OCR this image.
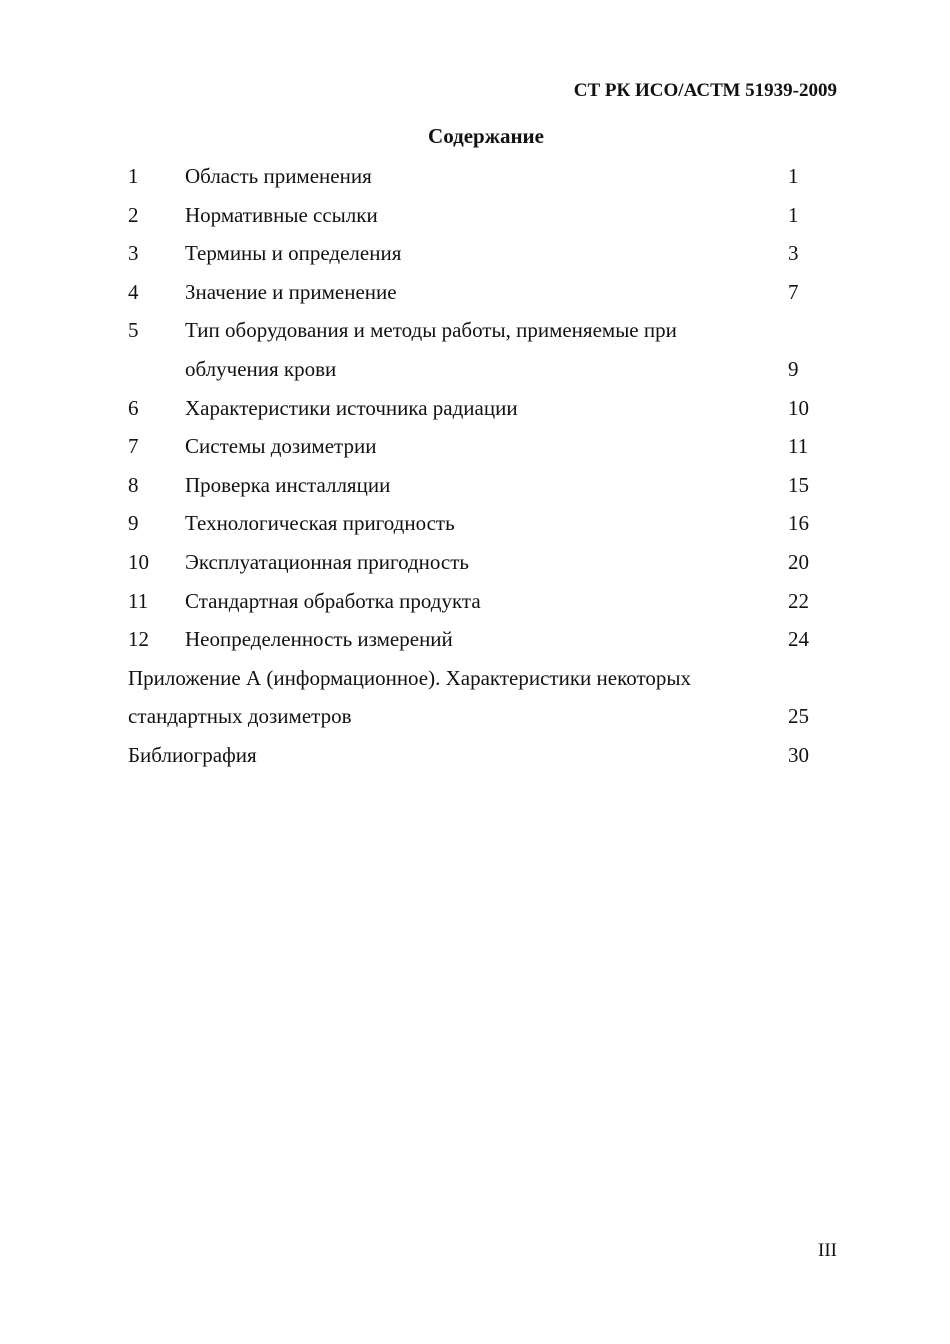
СТ РК ИСО/АСТМ 51939-2009
Содержание
1 Область применения	1
2 Нормативные ссылки	1
3 Термины и определения	3
4 Значение и применение	7
5 Тип оборудования и методы работы, применяемые при
облучения крови	9
6 Характеристики источника радиации	10
7 Системы дозиметрии	11
8 Проверка инсталляции	15
9 Технологическая пригодность	16
10 Эксплуатационная пригодность	20
11 Стандартная обработка продукта	22
12 Неопределенность измерений	24
Приложение А (информационное). Характеристики некоторых
стандартных дозиметров	25
Библиография	30
III
